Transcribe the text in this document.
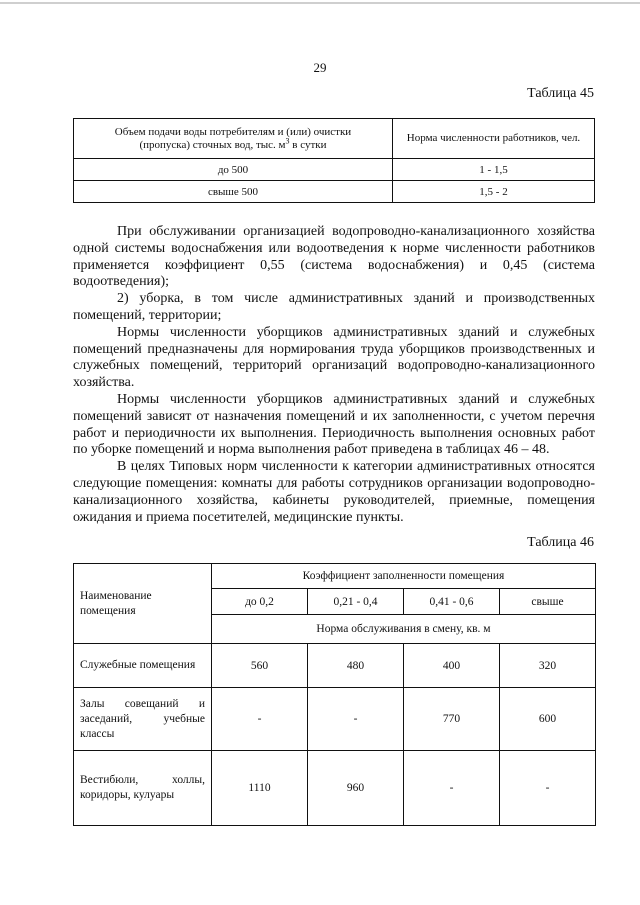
29
Таблица 45
Объем подачи воды потребителям и (или) очистки
(пропуска) сточных вод, тыс. $м^3$ в сутки	Норма численности работников, чел.
до 500	1 - 1,5
свыше 500	1,5 - 2

При обслуживании организацией водопроводно-канализационного хозяйства одной системы водоснабжения или водоотведения к норме численности работников применяется коэффициент 0,55 (система водоснабжения) и 0,45 (система водоотведения);

2) уборка, в том числе административных зданий и производственных помещений, территории;

Нормы численности уборщиков административных зданий и служебных помещений предназначены для нормирования труда уборщиков производственных и служебных помещений, территорий организаций водопроводно-канализационного хозяйства.

Нормы численности уборщиков административных зданий и служебных помещений зависят от назначения помещений и их заполненности, с учетом перечня работ и периодичности их выполнения. Периодичность выполнения основных работ по уборке помещений и норма выполнения работ приведена в таблицах 46 – 48.

В целях Типовых норм численности к категории административных относятся следующие помещения: комнаты для работы сотрудников организации водопроводно-канализационного хозяйства, кабинеты руководителей, приемные, помещения ожидания и приема посетителей, медицинские пункты.

Таблица 46
Наименование
помещения	Коэффициент заполненности помещения			
	до 0,2	0,21 - 0,4	0,41 - 0,6	свыше
	Норма обслуживания в смену, кв. м			
Служебные помещения	560	480	400	320
Залы совещаний и заседаний, учебные классы	-	-	770	600
Вестибюли, холлы, коридоры, кулуары	1110	960	-	-
